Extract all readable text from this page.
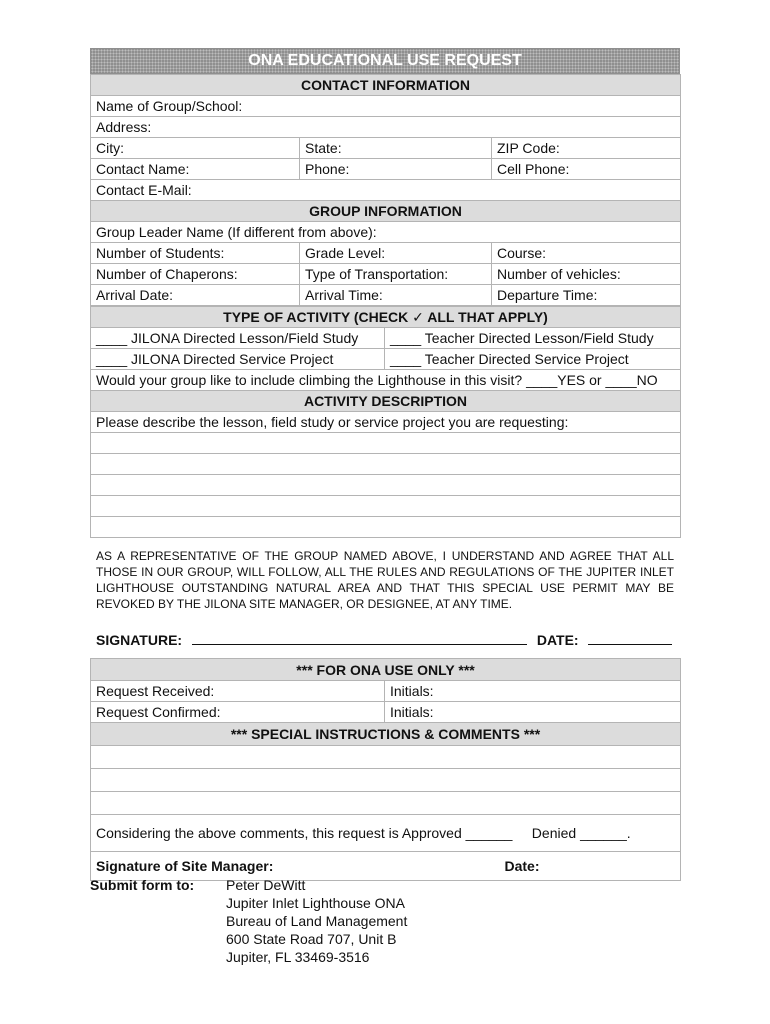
ONA EDUCATIONAL USE REQUEST
CONTACT INFORMATION		
Name of Group/School:		
Address:		
City:	State:	ZIP Code:
Contact Name:	Phone:	Cell Phone:
Contact E-Mail:		
GROUP INFORMATION		
Group Leader Name (If different from above):		
Number of Students:	Grade Level:	Course:
Number of Chaperons:	Type of Transportation:	Number of vehicles:
Arrival Date:	Arrival Time:	Departure Time:
TYPE OF ACTIVITY (CHECK ✓ ALL THAT APPLY)	
____ JILONA Directed Lesson/Field Study	____ Teacher Directed Lesson/Field Study
____ JILONA Directed Service Project	____ Teacher Directed Service Project
Would your group like to include climbing the Lighthouse in this visit? ____YES or ____NO	
ACTIVITY DESCRIPTION	
Please describe the lesson, field study or service project you are requesting:	

AS A REPRESENTATIVE OF THE GROUP NAMED ABOVE, I UNDERSTAND AND AGREE THAT ALL THOSE IN OUR GROUP, WILL FOLLOW, ALL THE RULES AND REGULATIONS OF THE JUPITER INLET LIGHTHOUSE OUTSTANDING NATURAL AREA AND THAT THIS SPECIAL USE PERMIT MAY BE REVOKED BY THE JILONA SITE MANAGER, OR DESIGNEE, AT ANY TIME.
SIGNATURE:	DATE:
*** FOR ONA USE ONLY ***	
Request Received:	Initials:
Request Confirmed:	Initials:
*** SPECIAL INSTRUCTIONS & COMMENTS ***	

Considering the above comments, this request is Approved ______     Denied ______.	
Signature of Site Manager:	Date:
Submit form to: Peter DeWitt
Jupiter Inlet Lighthouse ONA
Bureau of Land Management
600 State Road 707, Unit B
Jupiter, FL 33469-3516
